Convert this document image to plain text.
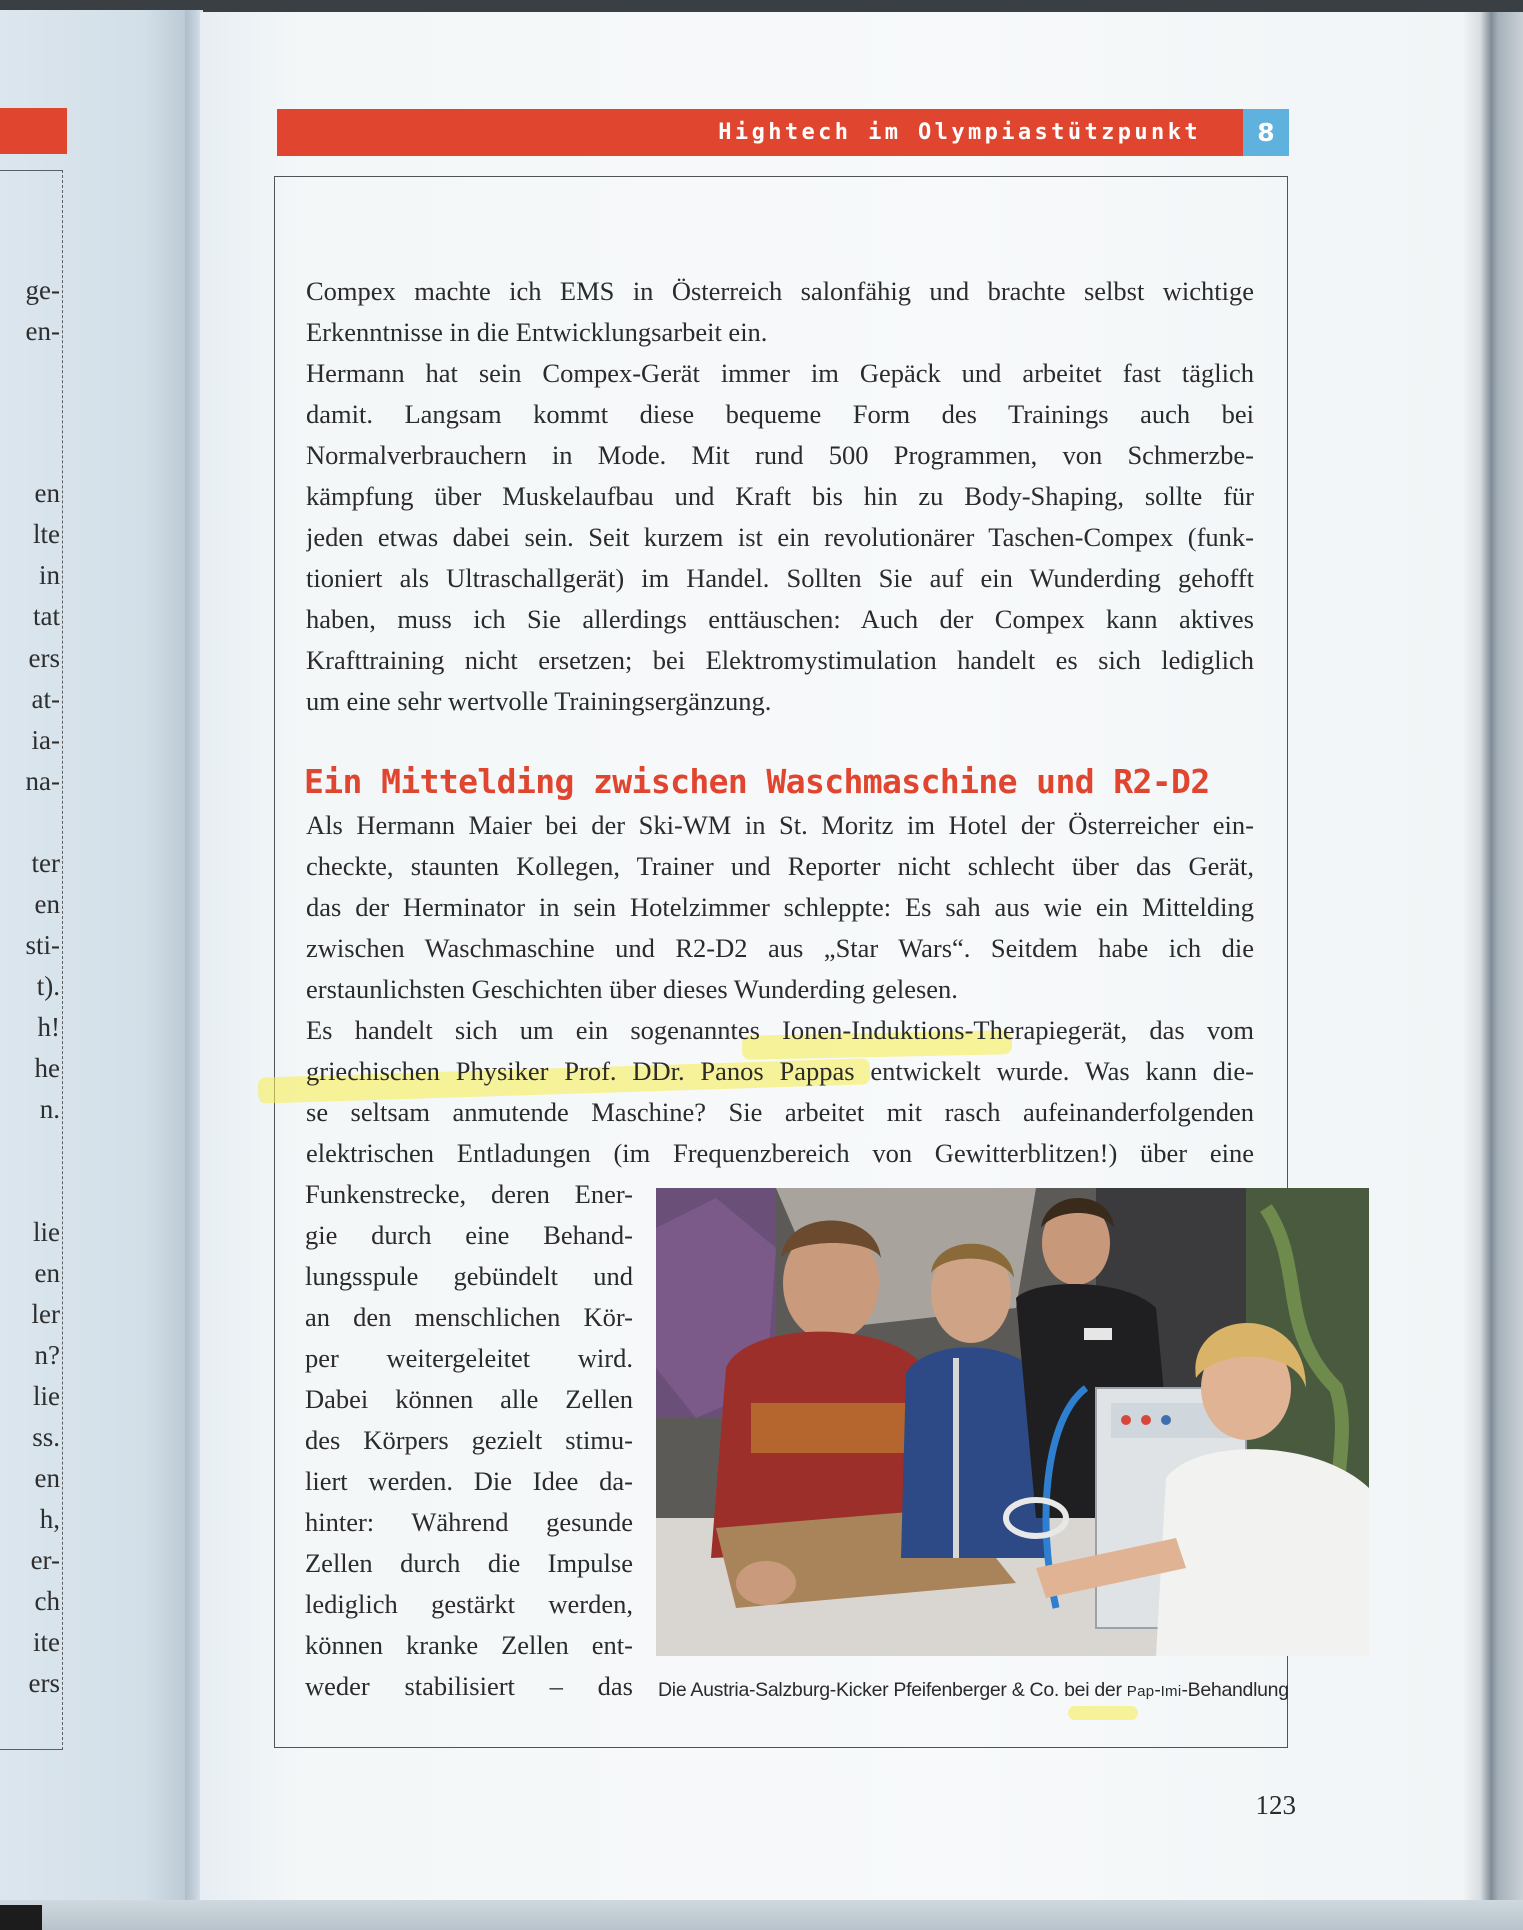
ge-
en-
en
lte
in
tat
ers
at-
ia-
na-
ter
en
sti-
t).
h!
he
n.
lie
en
ler
n?
lie
ss.
en
h,
er-
ch
ite
ers
Hightech im Olympiastützpunkt	8
Compex machte ich EMS in Österreich salonfähig und brachte selbst wichtige
Erkenntnisse in die Entwicklungsarbeit ein.
Hermann hat sein Compex-Gerät immer im Gepäck und arbeitet fast täglich
damit. Langsam kommt diese bequeme Form des Trainings auch bei
Normalverbrauchern in Mode. Mit rund 500 Programmen, von Schmerzbe-
kämpfung über Muskelaufbau und Kraft bis hin zu Body-Shaping, sollte für
jeden etwas dabei sein. Seit kurzem ist ein revolutionärer Taschen-Compex (funk-
tioniert als Ultraschallgerät) im Handel. Sollten Sie auf ein Wunderding gehofft
haben, muss ich Sie allerdings enttäuschen: Auch der Compex kann aktives
Krafttraining nicht ersetzen; bei Elektromystimulation handelt es sich lediglich
um eine sehr wertvolle Trainingsergänzung.
Ein Mittelding zwischen Waschmaschine und R2-D2
Als Hermann Maier bei der Ski-WM in St. Moritz im Hotel der Österreicher ein-
checkte, staunten Kollegen, Trainer und Reporter nicht schlecht über das Gerät,
das der Herminator in sein Hotelzimmer schleppte: Es sah aus wie ein Mittelding
zwischen Waschmaschine und R2-D2 aus „Star Wars“. Seitdem habe ich die
erstaunlichsten Geschichten über dieses Wunderding gelesen.
Es handelt sich um ein sogenanntes Ionen-Induktions-Therapiegerät, das vom
griechischen Physiker Prof. DDr. Panos Pappas entwickelt wurde. Was kann die-
se seltsam anmutende Maschine? Sie arbeitet mit rasch aufeinanderfolgenden
elektrischen Entladungen (im Frequenzbereich von Gewitterblitzen!) über eine
Funkenstrecke, deren Ener-
gie durch eine Behand-
lungsspule gebündelt und
an den menschlichen Kör-
per weitergeleitet wird.
Dabei können alle Zellen
des Körpers gezielt stimu-
liert werden. Die Idee da-
hinter: Während gesunde
Zellen durch die Impulse
lediglich gestärkt werden,
können kranke Zellen ent-
weder stabilisiert – das Die Austria-Salzburg-Kicker Pfeifenberger & Co. bei der Pap-Imi-Behandlung
123
